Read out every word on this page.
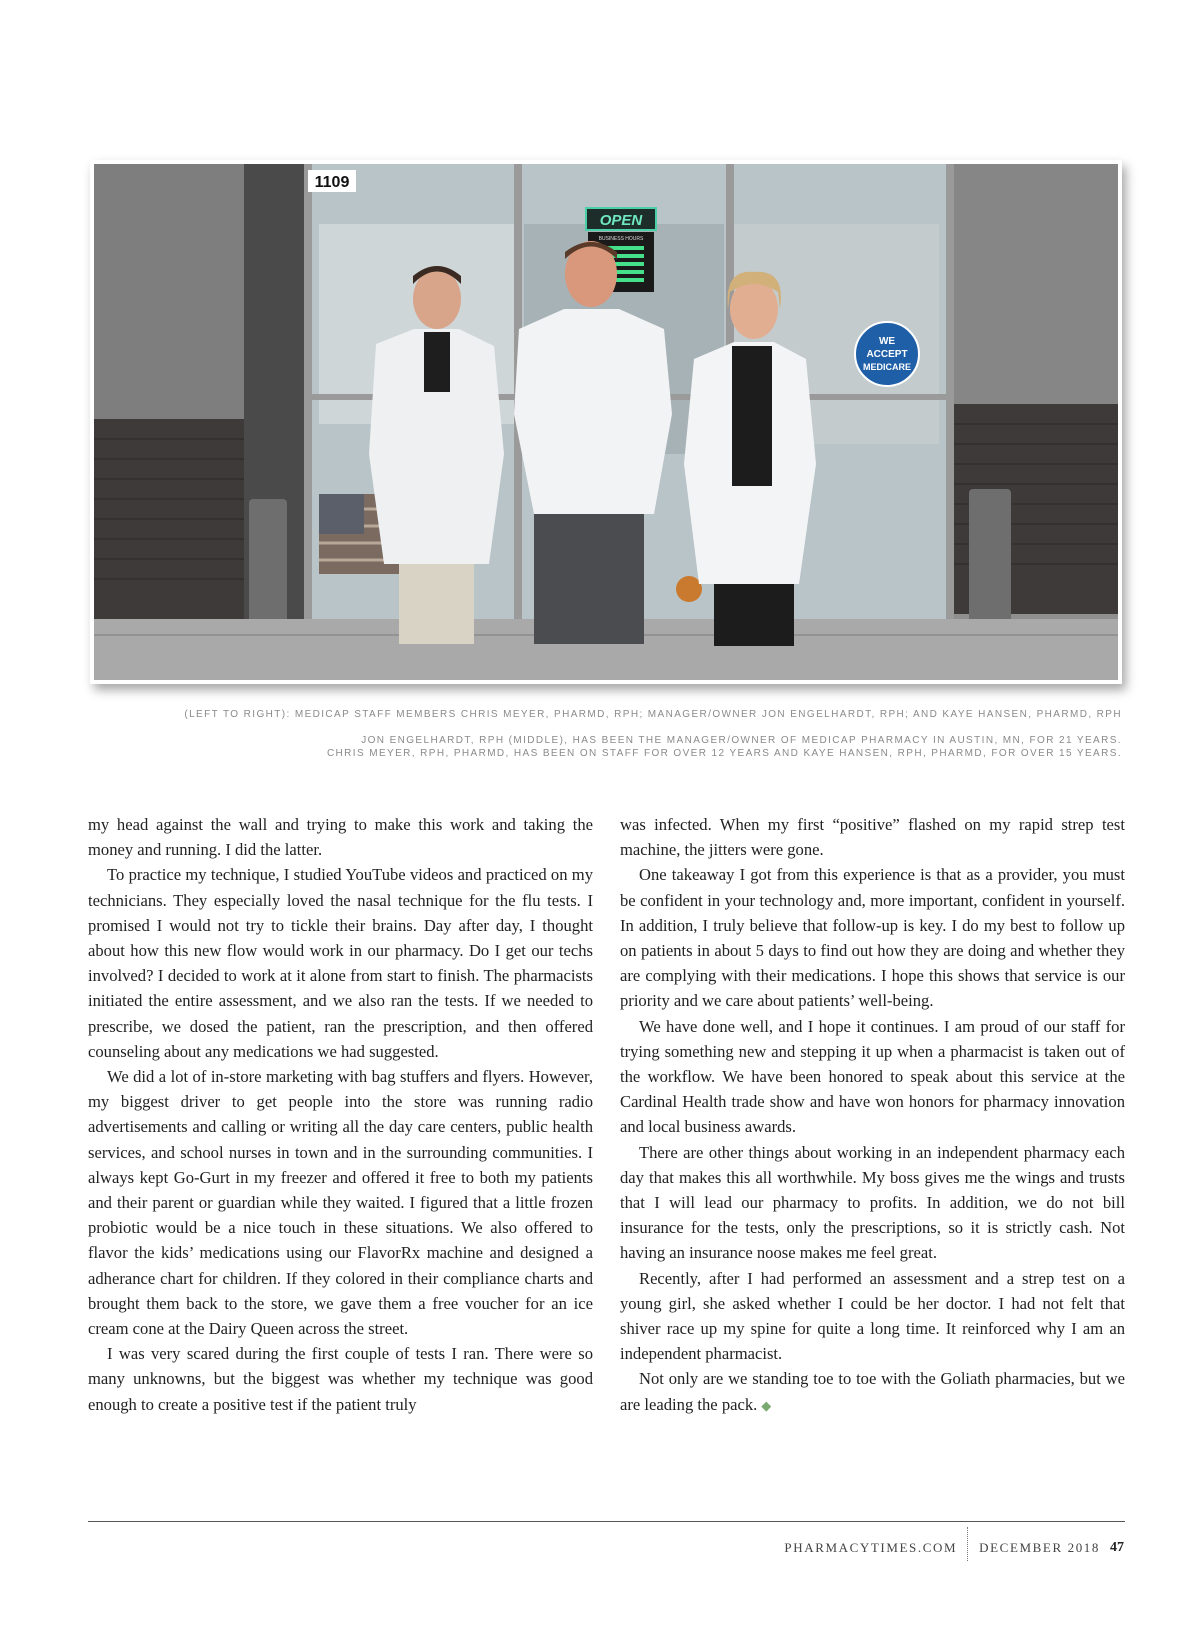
1109
OPEN
BUSINESS HOURS
WE
ACCEPT
MEDICARE
(LEFT TO RIGHT): MEDICAP STAFF MEMBERS CHRIS MEYER, PHARMD, RPH; MANAGER/OWNER JON ENGELHARDT, RPH; AND KAYE HANSEN, PHARMD, RPH
JON ENGELHARDT, RPH (MIDDLE), HAS BEEN THE MANAGER/OWNER OF MEDICAP PHARMACY IN AUSTIN, MN, FOR 21 YEARS.
CHRIS MEYER, RPH, PHARMD, HAS BEEN ON STAFF FOR OVER 12 YEARS AND KAYE HANSEN, RPH, PHARMD, FOR OVER 15 YEARS.

my head against the wall and trying to make this work and taking the money and running. I did the latter.

To practice my technique, I studied YouTube videos and practiced on my technicians. They especially loved the nasal technique for the flu tests. I promised I would not try to tickle their brains. Day after day, I thought about how this new flow would work in our pharmacy. Do I get our techs involved? I decided to work at it alone from start to finish. The pharmacists initiated the entire assessment, and we also ran the tests. If we needed to prescribe, we dosed the patient, ran the prescription, and then offered counseling about any medications we had suggested.

We did a lot of in-store marketing with bag stuffers and flyers. However, my biggest driver to get people into the store was running radio advertisements and calling or writing all the day care centers, public health services, and school nurses in town and in the surrounding communities. I always kept Go-Gurt in my freezer and offered it free to both my patients and their parent or guardian while they waited. I figured that a little frozen probiotic would be a nice touch in these situations. We also offered to flavor the kids’ medications using our FlavorRx machine and designed a adherance chart for children. If they colored in their compliance charts and brought them back to the store, we gave them a free voucher for an ice cream cone at the Dairy Queen across the street.

I was very scared during the first couple of tests I ran. There were so many unknowns, but the biggest was whether my technique was good enough to create a positive test if the patient truly

was infected. When my first “positive” flashed on my rapid strep test machine, the jitters were gone.

One takeaway I got from this experience is that as a provider, you must be confident in your technology and, more important, confident in yourself. In addition, I truly believe that follow-up is key. I do my best to follow up on patients in about 5 days to find out how they are doing and whether they are complying with their medications. I hope this shows that service is our priority and we care about patients’ well-being.

We have done well, and I hope it continues. I am proud of our staff for trying something new and stepping it up when a pharmacist is taken out of the workflow. We have been honored to speak about this service at the Cardinal Health trade show and have won honors for pharmacy innovation and local business awards.

There are other things about working in an independent pharmacy each day that makes this all worthwhile. My boss gives me the wings and trusts that I will lead our pharmacy to profits. In addition, we do not bill insurance for the tests, only the prescriptions, so it is strictly cash. Not having an insurance noose makes me feel great.

Recently, after I had performed an assessment and a strep test on a young girl, she asked whether I could be her doctor. I had not felt that shiver race up my spine for quite a long time. It reinforced why I am an independent pharmacist.

Not only are we standing toe to toe with the Goliath pharmacies, but we are leading the pack. ◆

PHARMACYTIMES.COM DECEMBER 2018 47
